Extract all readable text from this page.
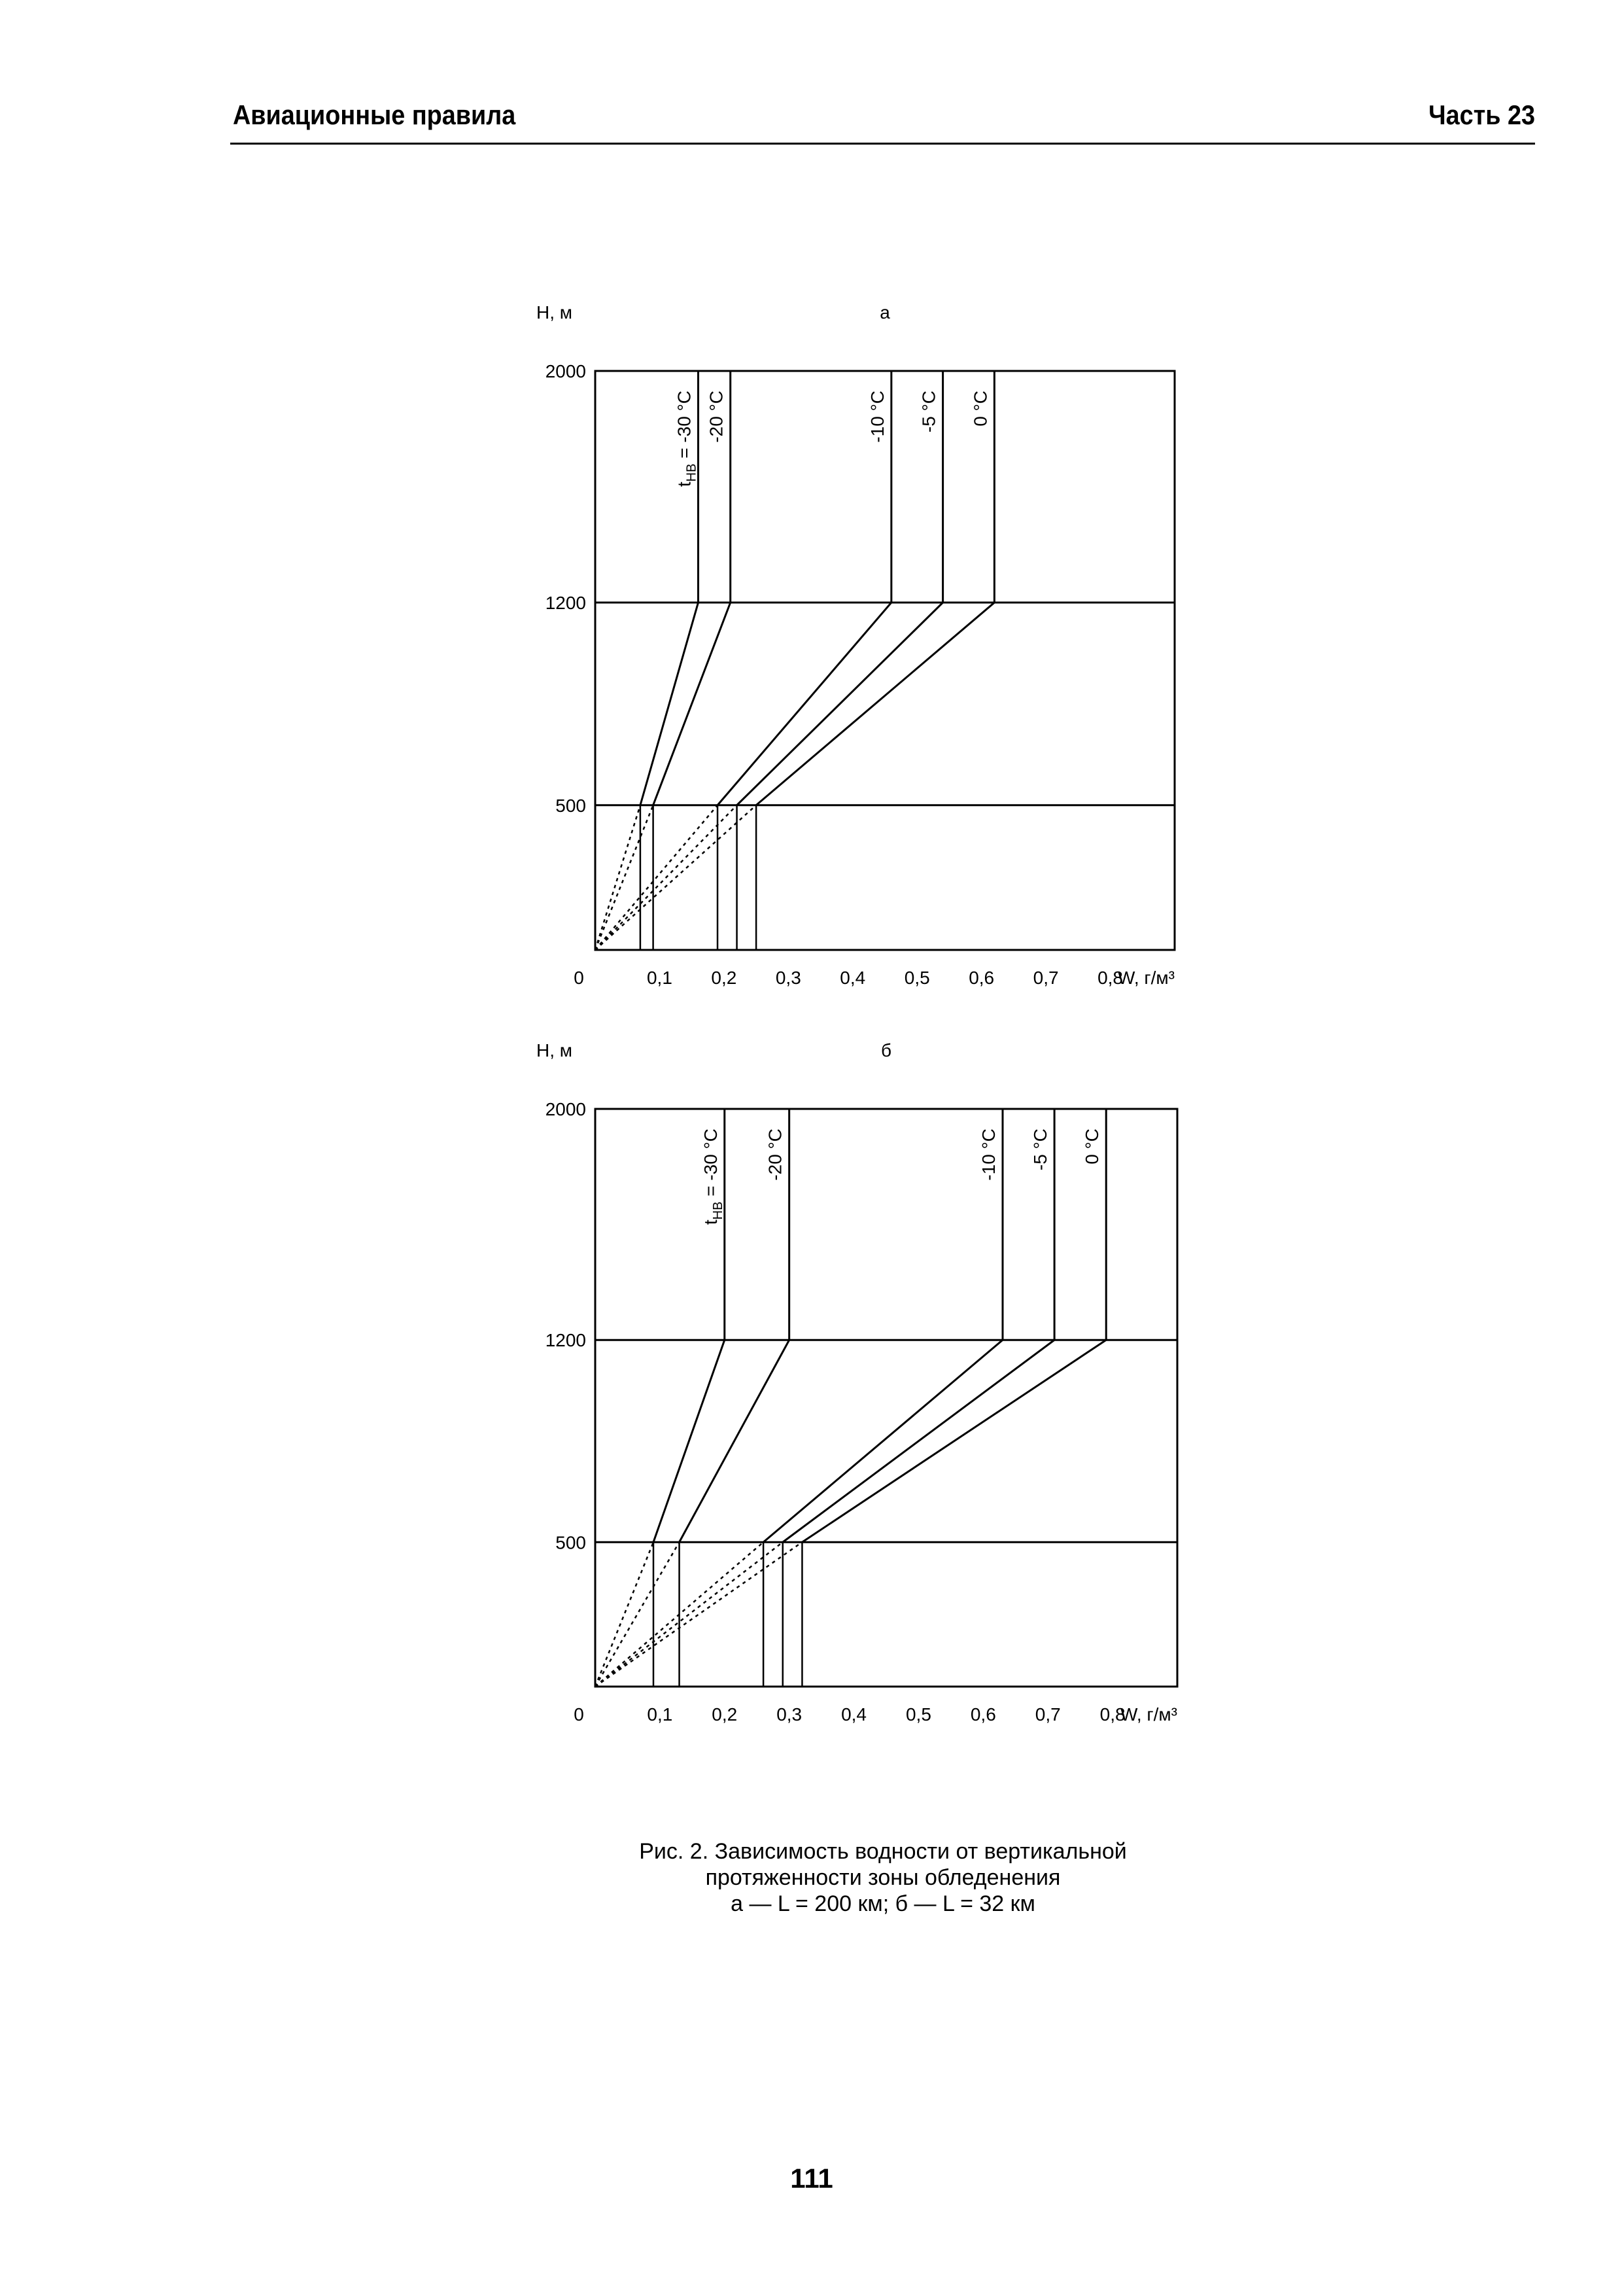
Авиационные правила	Часть 23
2000
1200
500
0	0,1 0,2 0,3 0,4 0,5 0,6 0,7 0,8
H, м
W, г/м³
а
$t_{НВ} = -30$ °C -20 °C	-10 °C -5 °C 0 °C
2000
1200
500
0	0,1 0,2 0,3 0,4 0,5 0,6 0,7 0,8
H, м
W, г/м³
б
$t_{НВ} = -30$ °C -20 °C	-10 °C -5 °C 0 °C
Рис. 2. Зависимость водности от вертикальной
протяженности зоны обледенения
а — L = 200 км; б — L = 32 км
111
